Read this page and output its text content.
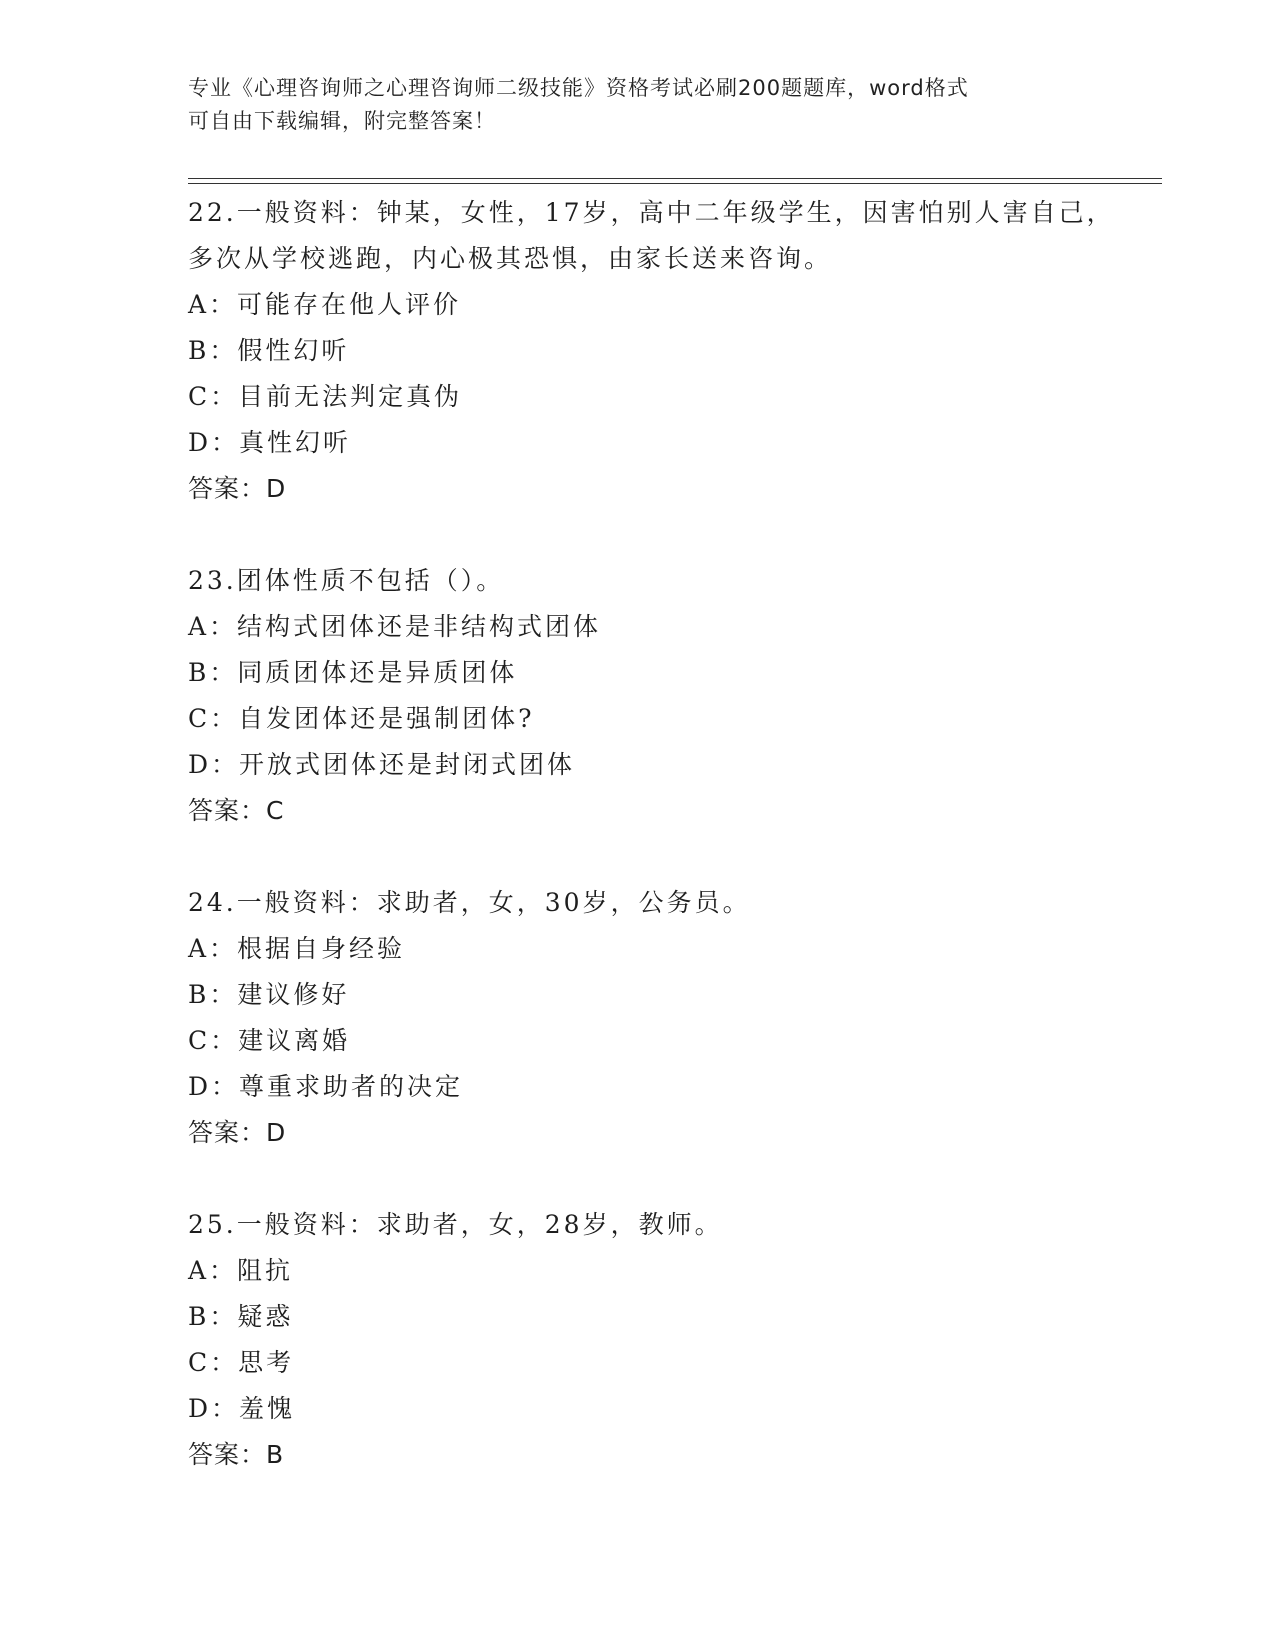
专业《心理咨询师之心理咨询师二级技能》资格考试必刷200题题库，word格式
可自由下载编辑，附完整答案！
22.一般资料：钟某，女性，17岁，高中二年级学生，因害怕别人害自己，多次从学校逃跑，内心极其恐惧，由家长送来咨询。
A：可能存在他人评价
B：假性幻听
C：目前无法判定真伪
D：真性幻听
答案：D
23.团体性质不包括（）。
A：结构式团体还是非结构式团体
B：同质团体还是异质团体
C：自发团体还是强制团体?
D：开放式团体还是封闭式团体
答案：C
24.一般资料：求助者，女，30岁，公务员。
A：根据自身经验
B：建议修好
C：建议离婚
D：尊重求助者的决定
答案：D
25.一般资料：求助者，女，28岁，教师。
A：阻抗
B：疑惑
C：思考
D：羞愧
答案：B
